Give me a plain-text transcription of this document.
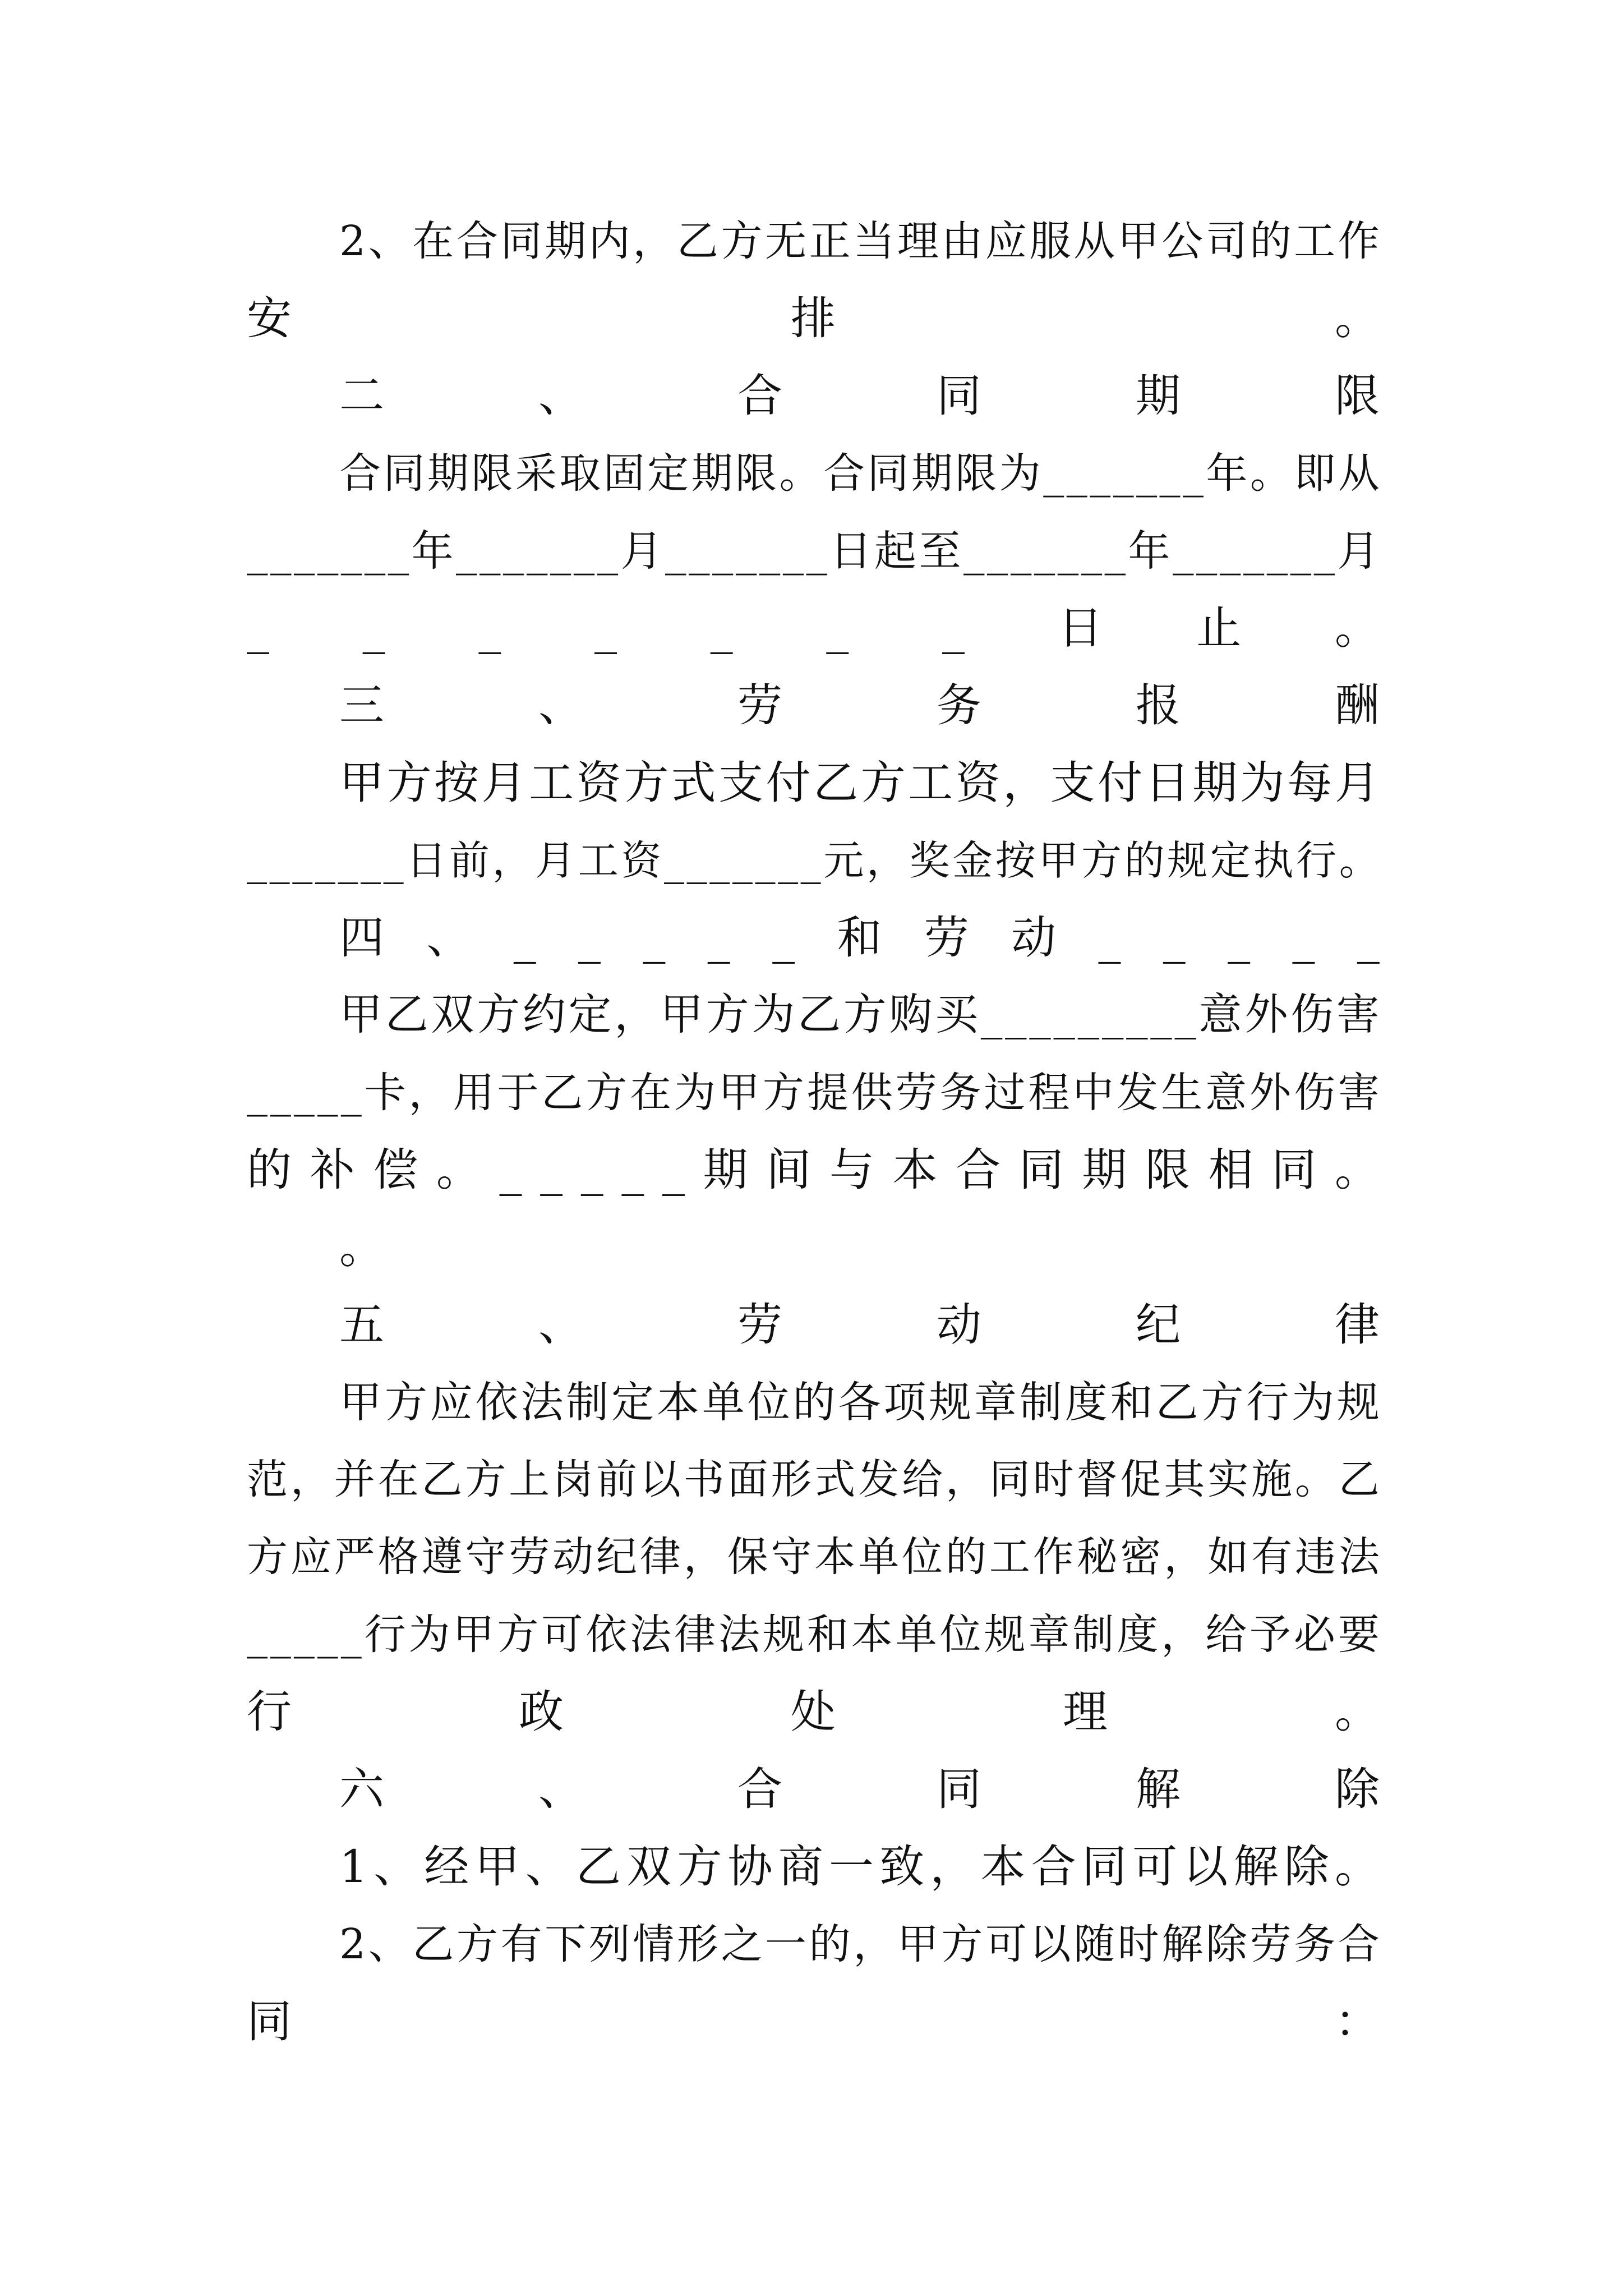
2 、 在 合 同 期 内 ， 乙 方 无 正 当 理 由 应 服 从 甲 公 司 的 工 作

安	排	。

二	、	合	同	期	限

合 同 期 限 采 取 固 定 期 限 。 合 同 期 限 为 _ _ _ _ _ _ _ 年 。 即 从

_ _ _ _ _ _ _ 年 _ _ _ _ _ _ _ 月 _ _ _ _ _ _ _ 日 起 至 _ _ _ _ _ _ _ 年 _ _ _ _ _ _ _ 月

_ _ _ _ _ _ _ 日 止 。

三	、	劳	务	报	酬

甲 方 按 月 工 资 方 式 支 付 乙 方 工 资 ， 支 付 日 期 为 每 月

_ _ _ _ _ _ _ 日 前 ， 月 工 资 _ _ _ _ _ _ _ 元 ， 奖 金 按 甲 方 的 规 定 执 行 。

四 、 _ _ _ _ _ 和 劳 动 _ _ _ _ _

甲 乙 双 方 约 定 ， 甲 方 为 乙 方 购 买 _ _ _ _ _ _ _ _ _ 意 外 伤 害

_ _ _ _ _ 卡 ， 用 于 乙 方 在 为 甲 方 提 供 劳 务 过 程 中 发 生 意 外 伤 害

的 补 偿 。 _ _ _ _ _ 期 间 与 本 合 同 期 限 相 同 。

。

五	、	劳	动	纪	律

甲 方 应 依 法 制 定 本 单 位 的 各 项 规 章 制 度 和 乙 方 行 为 规

范 ， 并 在 乙 方 上 岗 前 以 书 面 形 式 发 给 ， 同 时 督 促 其 实 施 。 乙

方 应 严 格 遵 守 劳 动 纪 律 ， 保 守 本 单 位 的 工 作 秘 密 ， 如 有 违 法

_ _ _ _ _ 行 为 甲 方 可 依 法 律 法 规 和 本 单 位 规 章 制 度 ， 给 予 必 要

行	政	处	理	。

六	、	合	同	解	除

1 、 经 甲 、 乙 双 方 协 商 一 致 ， 本 合 同 可 以 解 除 。

2 、 乙 方 有 下 列 情 形 之 一 的 ， 甲 方 可 以 随 时 解 除 劳 务 合

同	：
